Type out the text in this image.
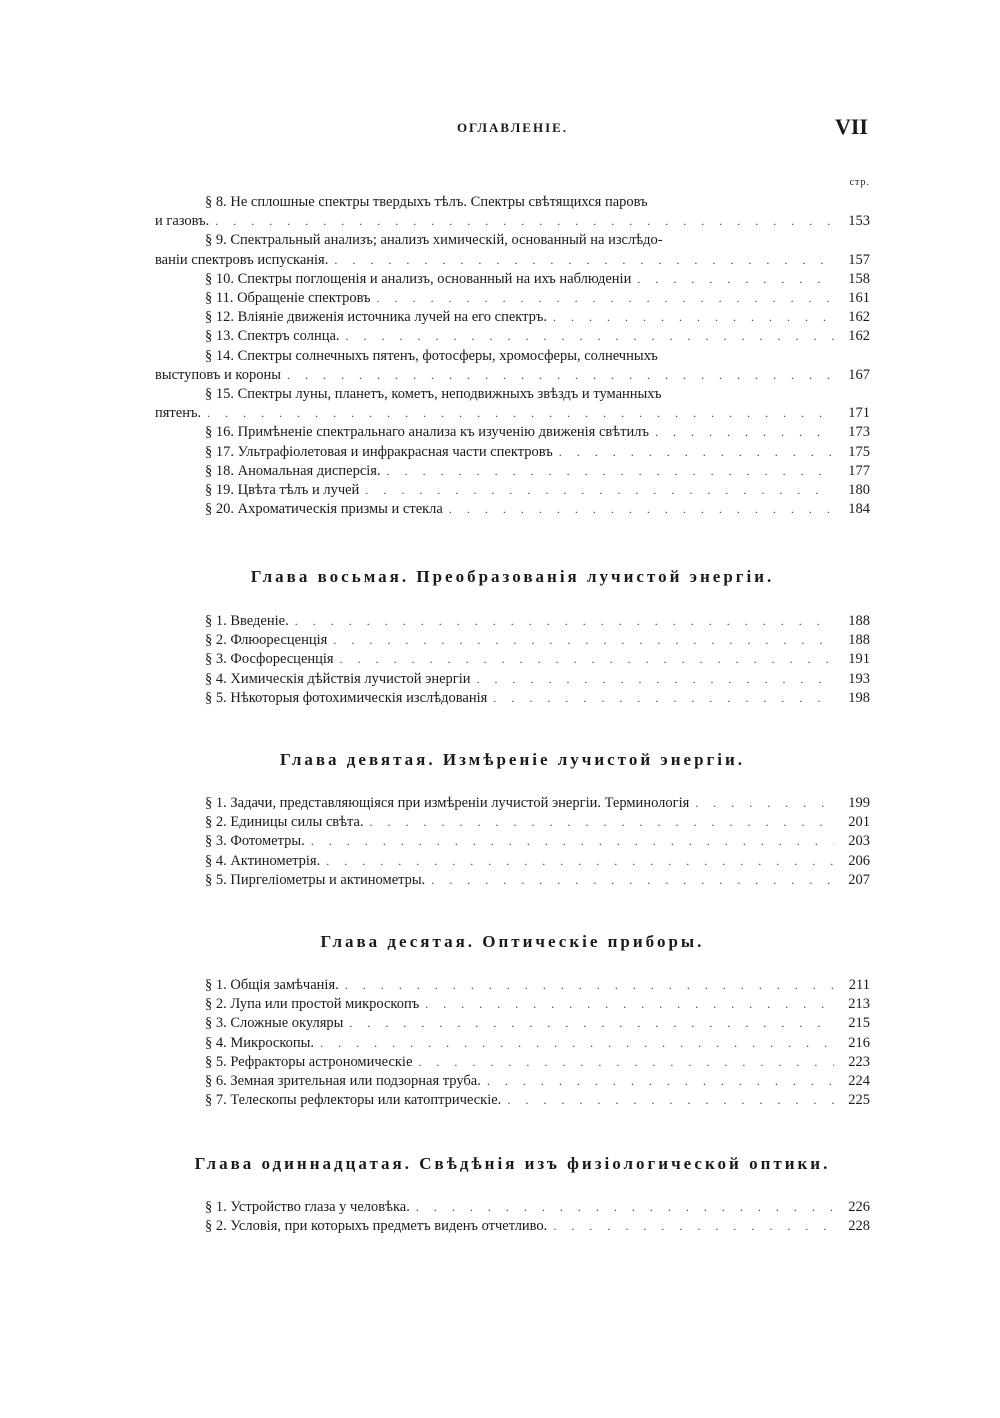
ОГЛАВЛЕНІЕ.	VII
стр.
§ 8. Не сплошные спектры твердыхъ тѣлъ. Спектры свѣтящихся паровъ
и газовъ. . . .	153
§ 9. Спектральный анализъ; анализъ химическій, основанный на изслѣдо-
ваніи спектровъ испусканія. . . .	157
§ 10. Спектры поглощенія и анализъ, основанный на ихъ наблюденіи . . .	158
§ 11. Обращеніе спектровъ . . .	161
§ 12. Вліяніе движенія источника лучей на его спектръ. . . .	162
§ 13. Спектръ солнца. . . .	162
§ 14. Спектры солнечныхъ пятенъ, фотосферы, хромосферы, солнечныхъ
выступовъ и короны . . .	167
§ 15. Спектры луны, планетъ, кометъ, неподвижныхъ звѣздъ и туманныхъ
пятенъ. . . .	171
§ 16. Примѣненіе спектральнаго анализа къ изученію движенія свѣтилъ . . .	173
§ 17. Ультрафіолетовая и инфракрасная части спектровъ . . .	175
§ 18. Аномальная дисперсія. . . .	177
§ 19. Цвѣта тѣлъ и лучей . . .	180
§ 20. Ахроматическія призмы и стекла . . .	184
Глава восьмая. Преобразованія лучистой энергіи.
§ 1. Введеніе. . . .	188
§ 2. Флюоресценція . . .	188
§ 3. Фосфоресценція . . .	191
§ 4. Химическія дѣйствія лучистой энергіи . . .	193
§ 5. Нѣкоторыя фотохимическія изслѣдованія . . .	198
Глава девятая. Измѣреніе лучистой энергіи.
§ 1. Задачи, представляющіяся при измѣреніи лучистой энергіи. Терминологія . . .	199
§ 2. Единицы силы свѣта. . . .	201
§ 3. Фотометры. . . .	203
§ 4. Актинометрія. . . .	206
§ 5. Пиргеліометры и актинометры. . . .	207
Глава десятая. Оптическіе приборы.
§ 1. Общія замѣчанія. . . .	211
§ 2. Лупа или простой микроскопъ . . .	213
§ 3. Сложные окуляры . . .	215
§ 4. Микроскопы. . . .	216
§ 5. Рефракторы астрономическіе . . .	223
§ 6. Земная зрительная или подзорная труба. . . .	224
§ 7. Телескопы рефлекторы или катоптрическіе. . . .	225
Глава одиннадцатая. Свѣдѣнія изъ физіологической оптики.
§ 1. Устройство глаза у человѣка. . . .	226
§ 2. Условія, при которыхъ предметъ виденъ отчетливо. . . .	228
